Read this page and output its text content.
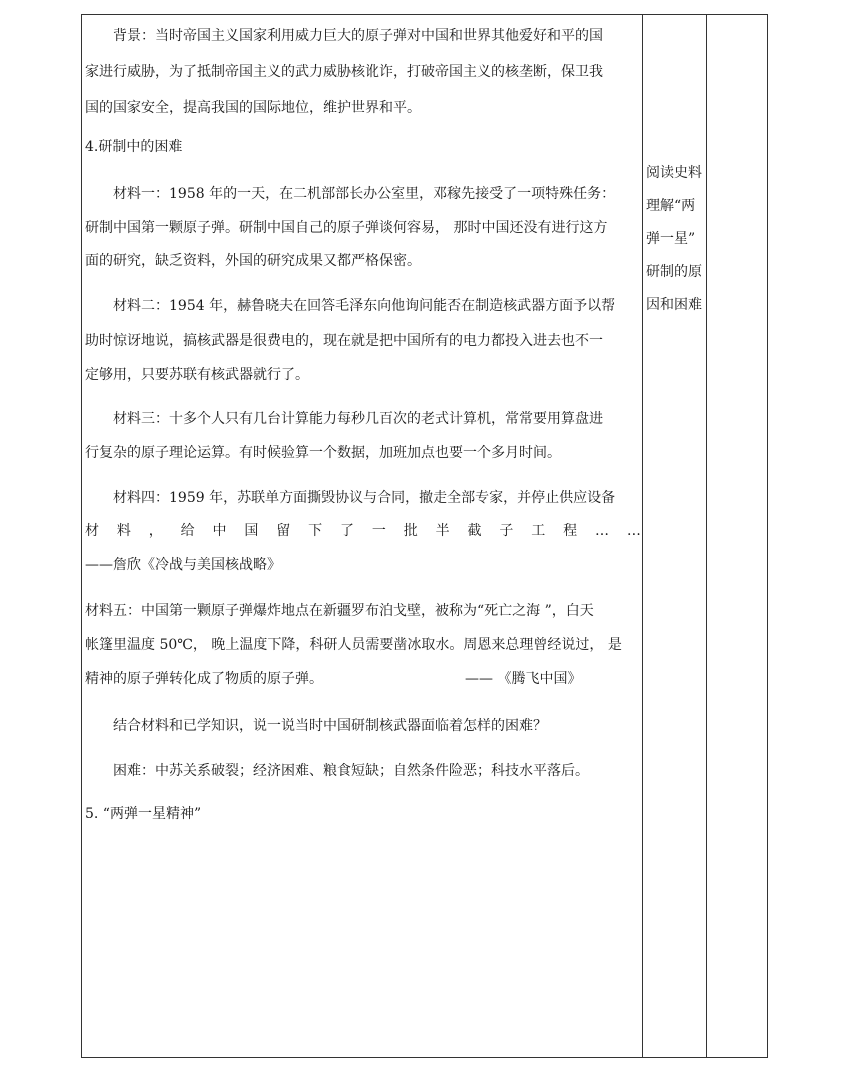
背景：当时帝国主义国家利用威力巨大的原子弹对中国和世界其他爱好和平的国
家进行威胁，为了抵制帝国主义的武力威胁核讹诈，打破帝国主义的核垄断，保卫我
国的国家安全，提高我国的国际地位，维护世界和平。
4.研制中的困难
材料一：1958 年的一天，在二机部部长办公室里，邓稼先接受了一项特殊任务：
研制中国第一颗原子弹。研制中国自己的原子弹谈何容易， 那时中国还没有进行这方
面的研究，缺乏资料，外国的研究成果又都严格保密。
材料二：1954 年，赫鲁晓夫在回答毛泽东向他询问能否在制造核武器方面予以帮
助时惊讶地说，搞核武器是很费电的，现在就是把中国所有的电力都投入进去也不一
定够用，只要苏联有核武器就行了。
材料三：十多个人只有几台计算能力每秒几百次的老式计算机，常常要用算盘进
行复杂的原子理论运算。有时候验算一个数据，加班加点也要一个多月时间。
材料四：1959 年，苏联单方面撕毁协议与合同，撤走全部专家，并停止供应设备
材 料 ， 给 中 国 留 下 了 一 批 半 截 子 工 程 … …
——詹欣《冷战与美国核战略》
材料五：中国第一颗原子弹爆炸地点在新疆罗布泊戈壁，被称为“死亡之海 ”，白天
帐篷里温度 50℃， 晚上温度下降，科研人员需要凿冰取水。周恩来总理曾经说过， 是
精神的原子弹转化成了物质的原子弹。	—— 《腾飞中国》
结合材料和已学知识，说一说当时中国研制核武器面临着怎样的困难？
困难：中苏关系破裂；经济困难、粮食短缺；自然条件险恶；科技水平落后。
5. “两弹一星精神”
阅读史料
理解“两
弹一星”
研制的原
因和困难
